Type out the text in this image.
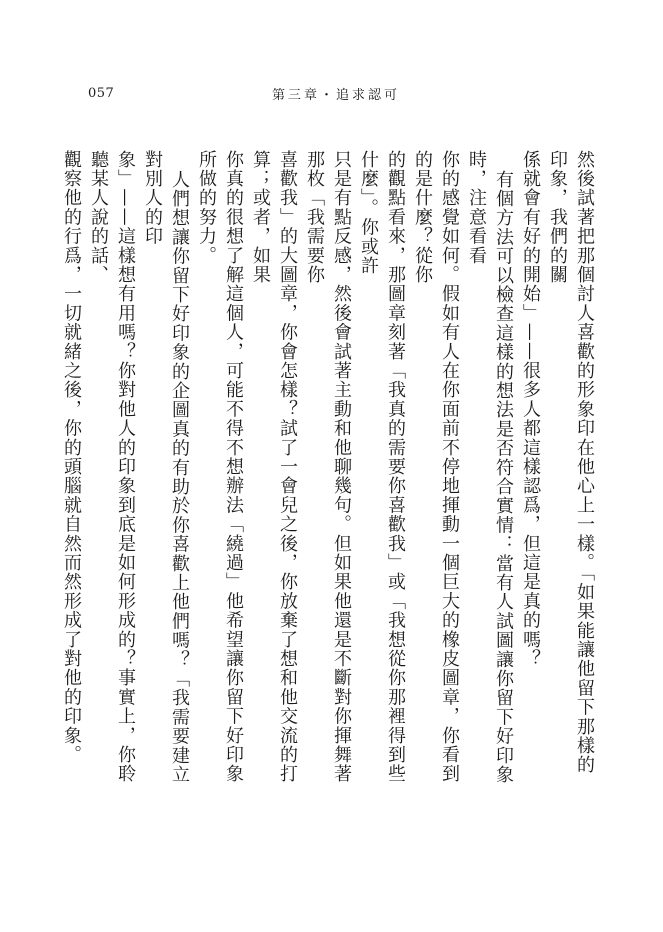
057	第三章・追求認可
然後試著把那個討人喜歡的形象印在他心上一樣。「如果能讓他留下那樣的印象，我們的關
係就會有好的開始」——很多人都這樣認爲，但這是真的嗎？
有個方法可以檢查這樣的想法是否符合實情：當有人試圖讓你留下好印象時，注意看看
你的感覺如何。假如有人在你面前不停地揮動一個巨大的橡皮圖章，你看到的是什麼？從你
的觀點看來，那圖章刻著「我真的需要你喜歡我」或「我想從你那裡得到些什麼」。你或許
只是有點反感，然後會試著主動和他聊幾句。但如果他還是不斷對你揮舞著那枚「我需要你
喜歡我」的大圖章，你會怎樣？試了一會兒之後，你放棄了想和他交流的打算；或者，如果
你真的很想了解這個人，可能不得不想辦法「繞過」他希望讓你留下好印象所做的努力。
人們想讓你留下好印象的企圖真的有助於你喜歡上他們嗎？「我需要建立對別人的印
象」——這樣想有用嗎？你對他人的印象到底是如何形成的？事實上，你聆聽某人說的話、
觀察他的行爲，一切就緒之後，你的頭腦就自然而然形成了對他的印象。
